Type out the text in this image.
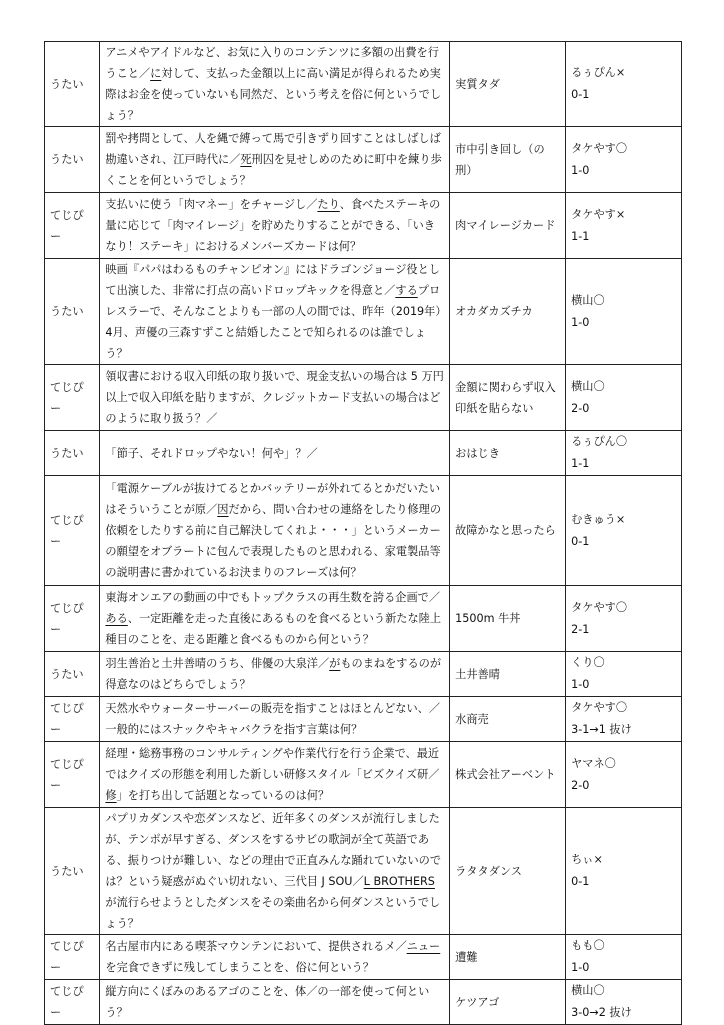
うたい	アニメやアイドルなど、お気に入りのコンテンツに多額の出費を行うこと／に対して、支払った金額以上に高い満足が得られるため実際はお金を使っていないも同然だ、という考えを俗に何というでしょう？	実質タダ	るぅぴん×
0-1

うたい	罰や拷問として、人を縄で縛って馬で引きずり回すことはしばしば勘違いされ、江戸時代に／死刑囚を見せしめのために町中を練り歩くことを何というでしょう？	市中引き回し（の刑）	タケやす〇
1-0

てじぴー	支払いに使う「肉マネー」をチャージし／たり、食べたステーキの量に応じて「肉マイレージ」を貯めたりすることができる、「いきなり！ステーキ」におけるメンバーズカードは何？	肉マイレージカード	タケやす×
1-1

うたい	映画『パパはわるものチャンピオン』にはドラゴンジョージ役として出演した、非常に打点の高いドロップキックを得意と／するプロレスラーで、そんなことよりも一部の人の間では、昨年（2019年）4月、声優の三森すずこと結婚したことで知られるのは誰でしょう？	オカダカズチカ	横山〇
1-0

てじぴー	領収書における収入印紙の取り扱いで、現金支払いの場合は 5 万円以上で収入印紙を貼りますが、クレジットカード支払いの場合はどのように取り扱う？／	金額に関わらず収入印紙を貼らない	横山〇
2-0

うたい	「節子、それドロップやない！何や」？／	おはじき	るぅぴん〇
1-1

てじぴー	「電源ケーブルが抜けてるとかバッテリーが外れてるとかだいたいはそういうことが原／因だから、問い合わせの連絡をしたり修理の依頼をしたりする前に自己解決してくれよ・・・」というメーカーの願望をオブラートに包んで表現したものと思われる、家電製品等の説明書に書かれているお決まりのフレーズは何？	故障かなと思ったら	むきゅう×
0-1

てじぴー	東海オンエアの動画の中でもトップクラスの再生数を誇る企画で／ある、一定距離を走った直後にあるものを食べるという新たな陸上種目のことを、走る距離と食べるものから何という？	1500m 牛丼	タケやす〇
2-1

うたい	羽生善治と土井善晴のうち、俳優の大泉洋／がものまねをするのが得意なのはどちらでしょう？	土井善晴	くり〇
1-0

てじぴー	天然水やウォーターサーバーの販売を指すことはほとんどない、／一般的にはスナックやキャバクラを指す言葉は何？	水商売	タケやす〇
3-1→1 抜け

てじぴー	経理・総務事務のコンサルティングや作業代行を行う企業で、最近ではクイズの形態を利用した新しい研修スタイル「ビズクイズ研／修」を打ち出して話題となっているのは何？	株式会社アーベント	ヤマネ〇
2-0

うたい	パプリカダンスや恋ダンスなど、近年多くのダンスが流行しましたが、テンポが早すぎる、ダンスをするサビの歌詞が全て英語である、振りつけが難しい、などの理由で正直みんな踊れていないのでは？という疑惑がぬぐい切れない、三代目 J SOU／L BROTHERS が流行らせようとしたダンスをその楽曲名から何ダンスというでしょう？	ラタタダンス	ちぃ×
0-1

てじぴー	名古屋市内にある喫茶マウンテンにおいて、提供されるメ／ニューを完食できずに残してしまうことを、俗に何という？	遭難	もも〇
1-0

てじぴー	縦方向にくぼみのあるアゴのことを、体／の一部を使って何という？	ケツアゴ	横山〇
3-0→2 抜け
